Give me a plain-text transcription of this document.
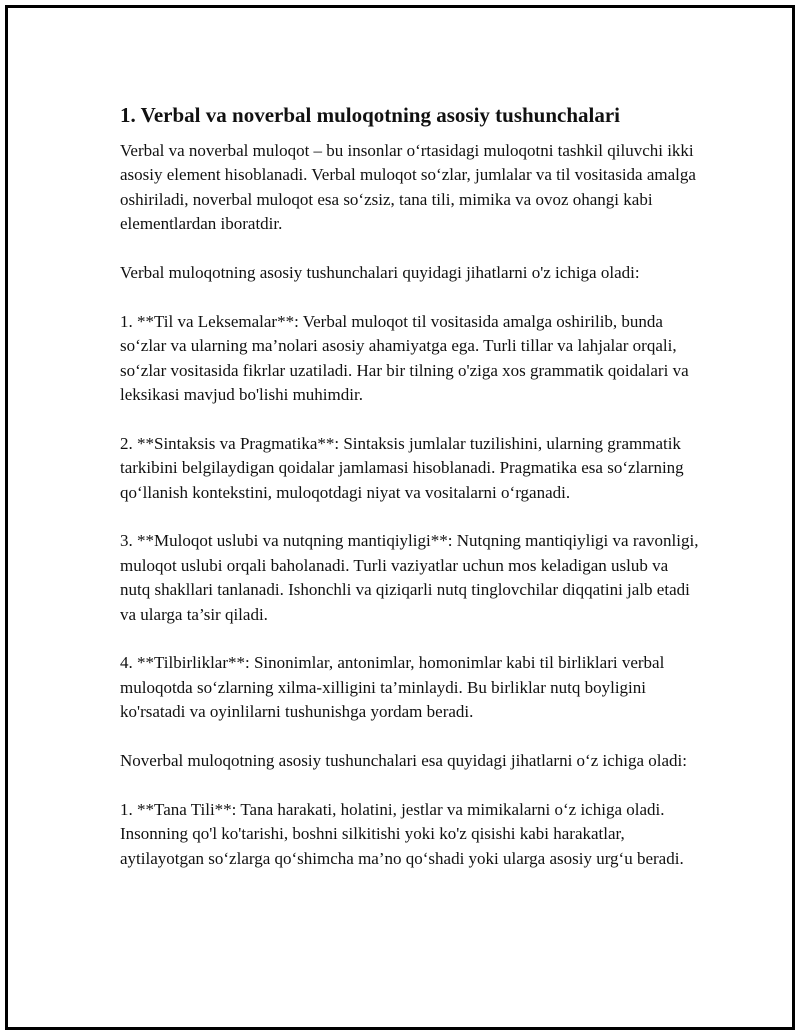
1. Verbal va noverbal muloqotning asosiy tushunchalari

Verbal va noverbal muloqot – bu insonlar oʻrtasidagi muloqotni tashkil qiluvchi ikki asosiy element hisoblanadi. Verbal muloqot soʻzlar, jumlalar va til vositasida amalga oshiriladi, noverbal muloqot esa soʻzsiz, tana tili, mimika va ovoz ohangi kabi elementlardan iboratdir.

Verbal muloqotning asosiy tushunchalari quyidagi jihatlarni o'z ichiga oladi:

1. **Til va Leksemalar**: Verbal muloqot til vositasida amalga oshirilib, bunda soʻzlar va ularning ma’nolari asosiy ahamiyatga ega. Turli tillar va lahjalar orqali, soʻzlar vositasida fikrlar uzatiladi. Har bir tilning o'ziga xos grammatik qoidalari va leksikasi mavjud bo'lishi muhimdir.

2. **Sintaksis va Pragmatika**: Sintaksis jumlalar tuzilishini, ularning grammatik tarkibini belgilaydigan qoidalar jamlamasi hisoblanadi. Pragmatika esa soʻzlarning qoʻllanish kontekstini, muloqotdagi niyat va vositalarni oʻrganadi.

3. **Muloqot uslubi va nutqning mantiqiyligi**: Nutqning mantiqiyligi va ravonligi, muloqot uslubi orqali baholanadi. Turli vaziyatlar uchun mos keladigan uslub va nutq shakllari tanlanadi. Ishonchli va qiziqarli nutq tinglovchilar diqqatini jalb etadi va ularga ta’sir qiladi.

4. **Tilbirliklar**: Sinonimlar, antonimlar, homonimlar kabi til birliklari verbal muloqotda soʻzlarning xilma-xilligini ta’minlaydi. Bu birliklar nutq boyligini ko'rsatadi va oyinlilarni tushunishga yordam beradi.

Noverbal muloqotning asosiy tushunchalari esa quyidagi jihatlarni oʻz ichiga oladi:

1. **Tana Tili**: Tana harakati, holatini, jestlar va mimikalarni oʻz ichiga oladi. Insonning qo'l ko'tarishi, boshni silkitishi yoki ko'z qisishi kabi harakatlar, aytilayotgan soʻzlarga qoʻshimcha ma’no qoʻshadi yoki ularga asosiy urgʻu beradi.
